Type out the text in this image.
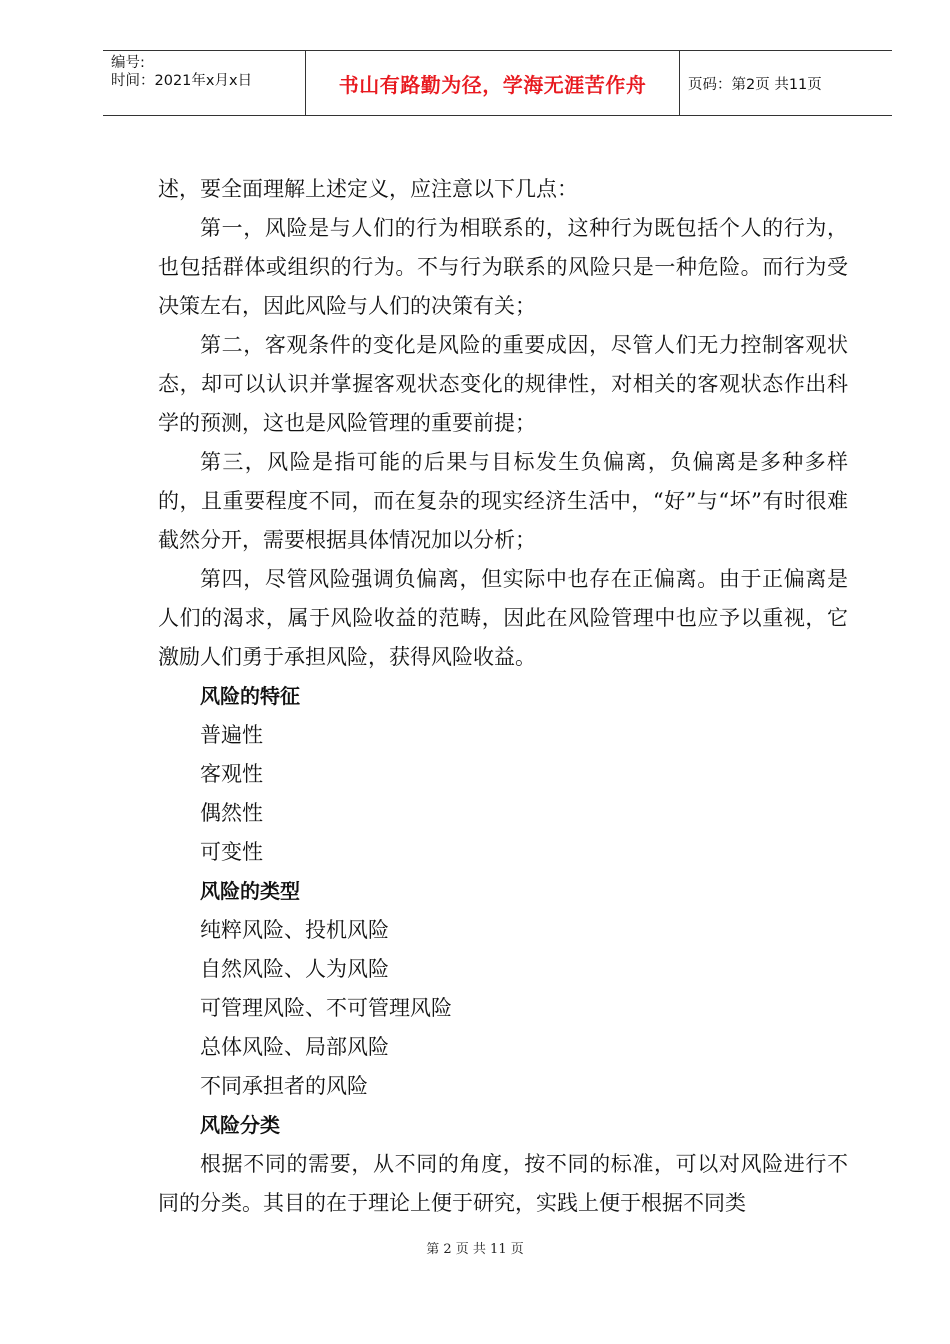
编号:
时间：2021年x月x日	书山有路勤为径，学海无涯苦作舟	页码：第2页 共11页

述，要全面理解上述定义，应注意以下几点：

第一，风险是与人们的行为相联系的，这种行为既包括个人的行为，也包括群体或组织的行为。不与行为联系的风险只是一种危险。而行为受决策左右，因此风险与人们的决策有关；

第二，客观条件的变化是风险的重要成因，尽管人们无力控制客观状态，却可以认识并掌握客观状态变化的规律性，对相关的客观状态作出科学的预测，这也是风险管理的重要前提；

第三，风险是指可能的后果与目标发生负偏离，负偏离是多种多样的，且重要程度不同，而在复杂的现实经济生活中，“好”与“坏”有时很难截然分开，需要根据具体情况加以分析；

第四，尽管风险强调负偏离，但实际中也存在正偏离。由于正偏离是人们的渴求，属于风险收益的范畴，因此在风险管理中也应予以重视，它激励人们勇于承担风险，获得风险收益。

风险的特征

普遍性

客观性

偶然性

可变性

风险的类型

纯粹风险、投机风险

自然风险、人为风险

可管理风险、不可管理风险

总体风险、局部风险

不同承担者的风险

风险分类

根据不同的需要，从不同的角度，按不同的标准，可以对风险进行不同的分类。其目的在于理论上便于研究，实践上便于根据不同类

第 2 页 共 11 页
